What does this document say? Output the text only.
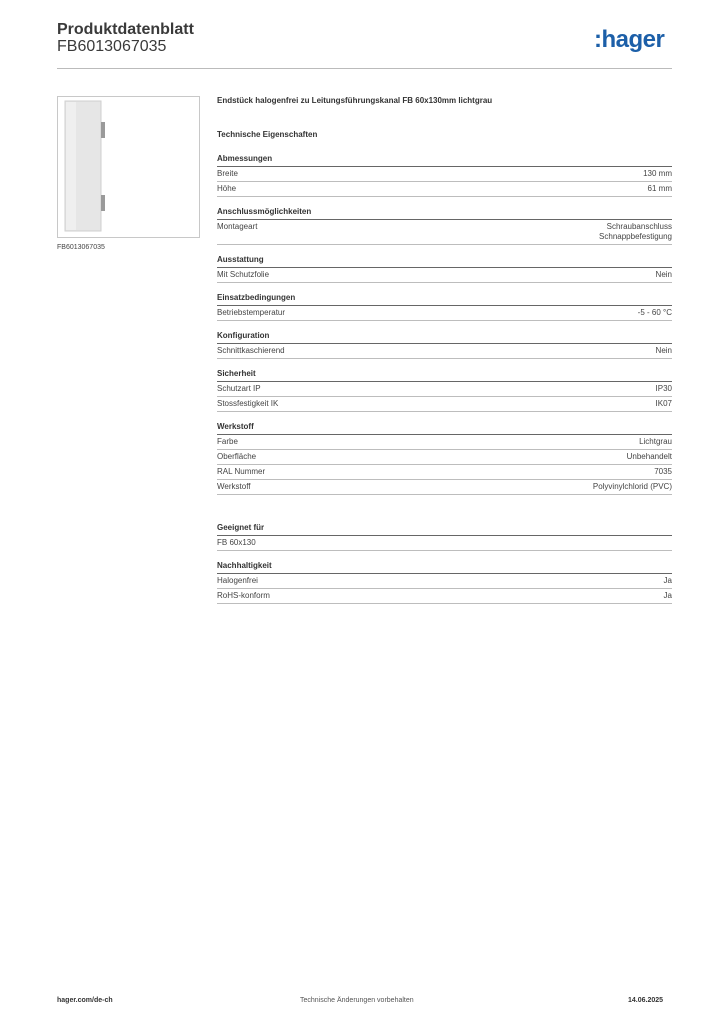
Produktdatenblatt
FB6013067035	:hager
FB6013067035
Endstück halogenfrei zu Leitungsführungskanal FB 60x130mm lichtgrau
Technische Eigenschaften
Abmessungen
Breite	130 mm
Höhe	61 mm
Anschlussmöglichkeiten
Montageart	Schraubanschluss
Schnappbefestigung
Ausstattung
Mit Schutzfolie	Nein
Einsatzbedingungen
Betriebstemperatur	-5 - 60 °C
Konfiguration
Schnittkaschierend	Nein
Sicherheit
Schutzart IP	IP30
Stossfestigkeit IK	IK07
Werkstoff
Farbe	Lichtgrau
Oberfläche	Unbehandelt
RAL Nummer	7035
Werkstoff	Polyvinylchlorid (PVC)
Geeignet für
FB 60x130
Nachhaltigkeit
Halogenfrei	Ja
RoHS-konform	Ja
hager.com/de-ch	Technische Änderungen vorbehalten	14.06.2025
